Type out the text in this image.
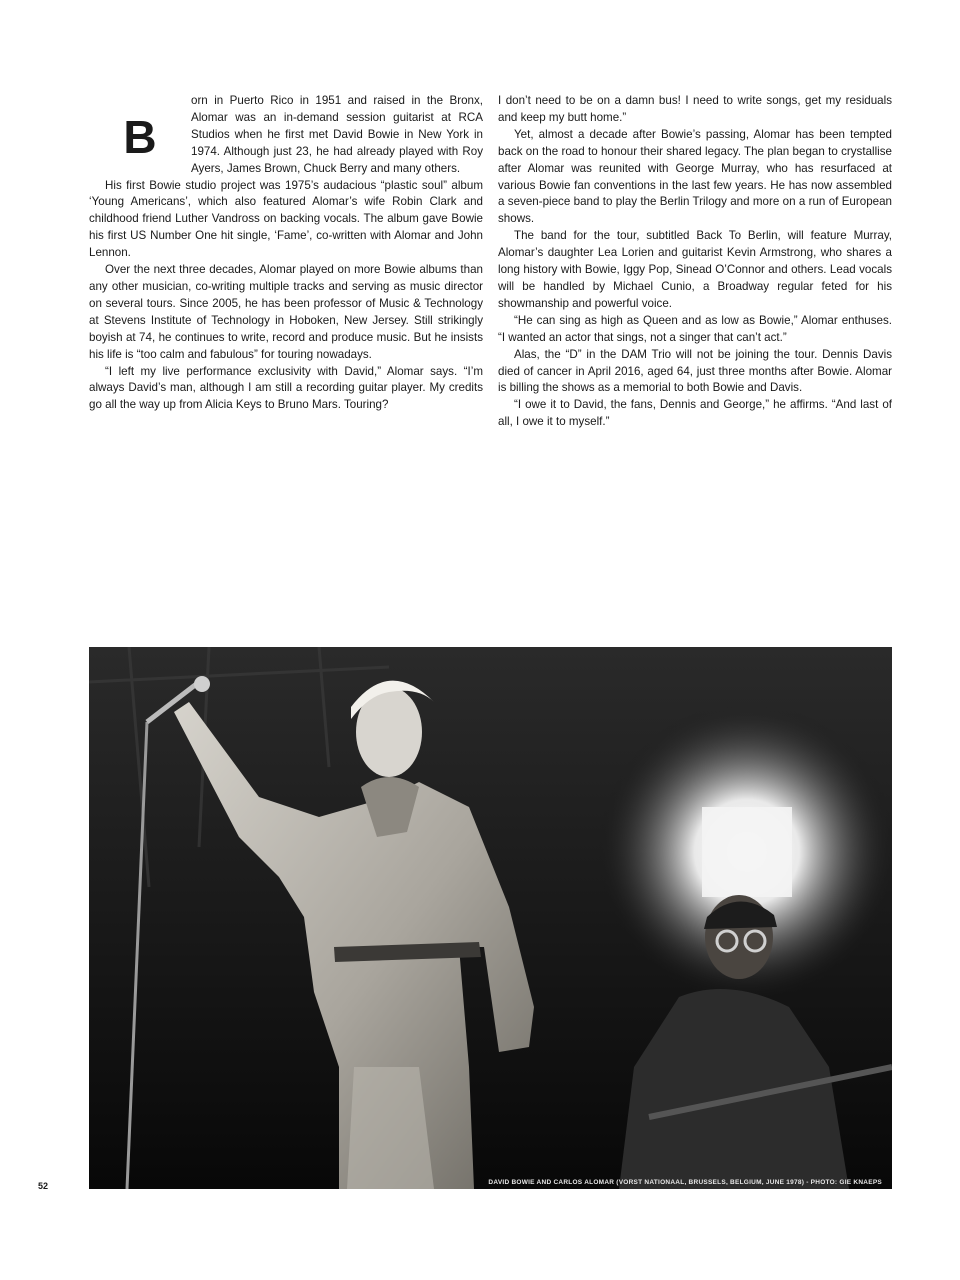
B

orn in Puerto Rico in 1951 and raised in the Bronx, Alomar was an in-demand session guitarist at RCA Studios when he first met David Bowie in New York in 1974. Although just 23, he had already played with Roy Ayers, James Brown, Chuck Berry and many others.

His first Bowie studio project was 1975’s audacious “plastic soul” album ‘Young Americans’, which also featured Alomar’s wife Robin Clark and childhood friend Luther Vandross on backing vocals. The album gave Bowie his first US Number One hit single, ‘Fame’, co-written with Alomar and John Lennon.

Over the next three decades, Alomar played on more Bowie albums than any other musician, co-writing multiple tracks and serving as music director on several tours. Since 2005, he has been professor of Music & Technology at Stevens Institute of Technology in Hoboken, New Jersey. Still strikingly boyish at 74, he continues to write, record and produce music. But he insists his life is “too calm and fabulous” for touring nowadays.

“I left my live performance exclusivity with David,” Alomar says. “I’m always David’s man, although I am still a recording guitar player. My credits go all the way up from Alicia Keys to Bruno Mars. Touring?

I don’t need to be on a damn bus! I need to write songs, get my residuals and keep my butt home.”

Yet, almost a decade after Bowie’s passing, Alomar has been tempted back on the road to honour their shared legacy. The plan began to crystallise after Alomar was reunited with George Murray, who has resurfaced at various Bowie fan conventions in the last few years. He has now assembled a seven-piece band to play the Berlin Trilogy and more on a run of European shows.

The band for the tour, subtitled Back To Berlin, will feature Murray, Alomar’s daughter Lea Lorien and guitarist Kevin Armstrong, who shares a long history with Bowie, Iggy Pop, Sinead O’Connor and others. Lead vocals will be handled by Michael Cunio, a Broadway regular feted for his showmanship and powerful voice.

“He can sing as high as Queen and as low as Bowie,” Alomar enthuses. “I wanted an actor that sings, not a singer that can’t act.”

Alas, the “D” in the DAM Trio will not be joining the tour. Dennis Davis died of cancer in April 2016, aged 64, just three months after Bowie. Alomar is billing the shows as a memorial to both Bowie and Davis.

“I owe it to David, the fans, Dennis and George,” he affirms. “And last of all, I owe it to myself.”

DAVID BOWIE AND CARLOS ALOMAR (VORST NATIONAAL, BRUSSELS, BELGIUM, JUNE 1978) - PHOTO: GIE KNAEPS
52
